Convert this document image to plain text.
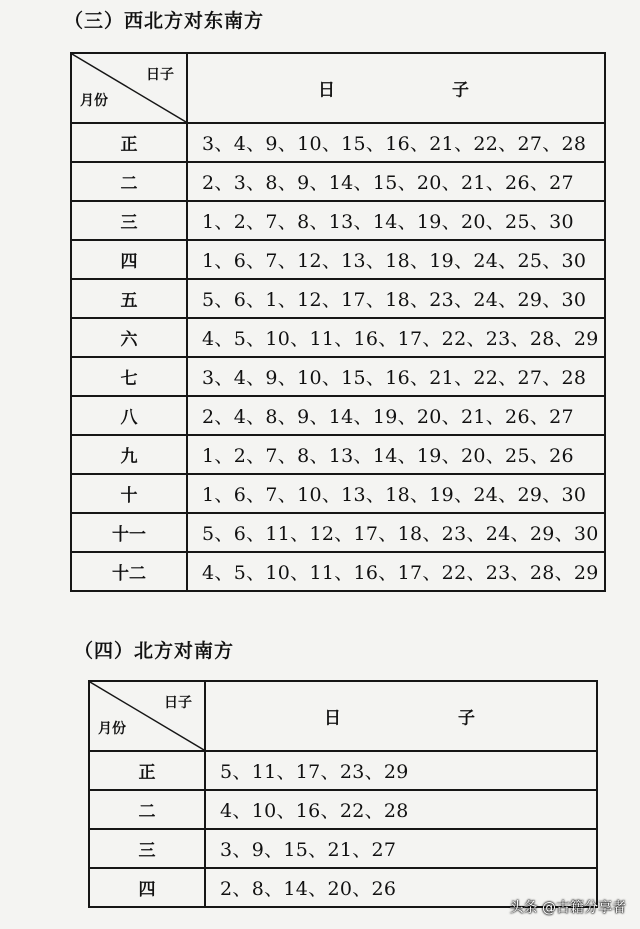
（三）西北方对东南方
日子
月份	日 子

正	3、4、9、10、15、16、21、22、27、28
二	2、3、8、9、14、15、20、21、26、27
三	1、2、7、8、13、14、19、20、25、30
四	1、6、7、12、13、18、19、24、25、30
五	5、6、1、12、17、18、23、24、29、30
六	4、5、10、11、16、17、22、23、28、29
七	3、4、9、10、15、16、21、22、27、28
八	2、4、8、9、14、19、20、21、26、27
九	1、2、7、8、13、14、19、20、25、26
十	1、6、7、10、13、18、19、24、29、30
十一	5、6、11、12、17、18、23、24、29、30
十二	4、5、10、11、16、17、22、23、28、29
（四）北方对南方
日子
月份	日 子

正	5、11、17、23、29
二	4、10、16、22、28
三	3、9、15、21、27
四	2、8、14、20、26
头条 @古籍分享者
